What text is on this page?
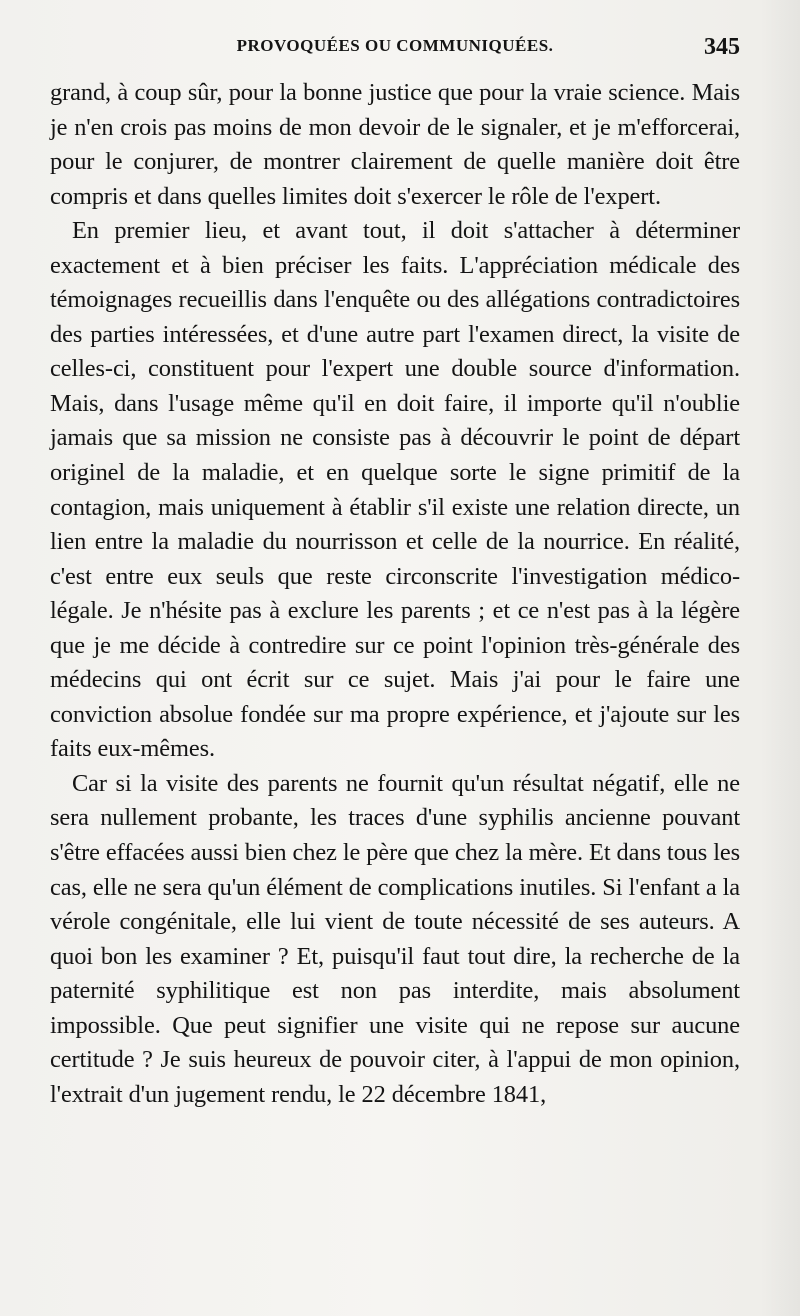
PROVOQUÉES OU COMMUNIQUÉES.	345

grand, à coup sûr, pour la bonne justice que pour la vraie science. Mais je n'en crois pas moins de mon devoir de le signaler, et je m'efforcerai, pour le conjurer, de montrer clairement de quelle manière doit être compris et dans quelles limites doit s'exercer le rôle de l'expert.

En premier lieu, et avant tout, il doit s'attacher à déterminer exactement et à bien préciser les faits. L'appréciation médicale des témoignages recueillis dans l'enquête ou des allégations contradictoires des parties intéressées, et d'une autre part l'examen direct, la visite de celles-ci, constituent pour l'expert une double source d'information. Mais, dans l'usage même qu'il en doit faire, il importe qu'il n'oublie jamais que sa mission ne consiste pas à découvrir le point de départ originel de la maladie, et en quelque sorte le signe primitif de la contagion, mais uniquement à établir s'il existe une relation directe, un lien entre la maladie du nourrisson et celle de la nourrice. En réalité, c'est entre eux seuls que reste circonscrite l'investigation médico-légale. Je n'hésite pas à exclure les parents ; et ce n'est pas à la légère que je me décide à contredire sur ce point l'opinion très-générale des médecins qui ont écrit sur ce sujet. Mais j'ai pour le faire une conviction absolue fondée sur ma propre expérience, et j'ajoute sur les faits eux-mêmes.

Car si la visite des parents ne fournit qu'un résultat négatif, elle ne sera nullement probante, les traces d'une syphilis ancienne pouvant s'être effacées aussi bien chez le père que chez la mère. Et dans tous les cas, elle ne sera qu'un élément de complications inutiles. Si l'enfant a la vérole congénitale, elle lui vient de toute nécessité de ses auteurs. A quoi bon les examiner ? Et, puisqu'il faut tout dire, la recherche de la paternité syphilitique est non pas interdite, mais absolument impossible. Que peut signifier une visite qui ne repose sur aucune certitude ? Je suis heureux de pouvoir citer, à l'appui de mon opinion, l'extrait d'un jugement rendu, le 22 décembre 1841,
